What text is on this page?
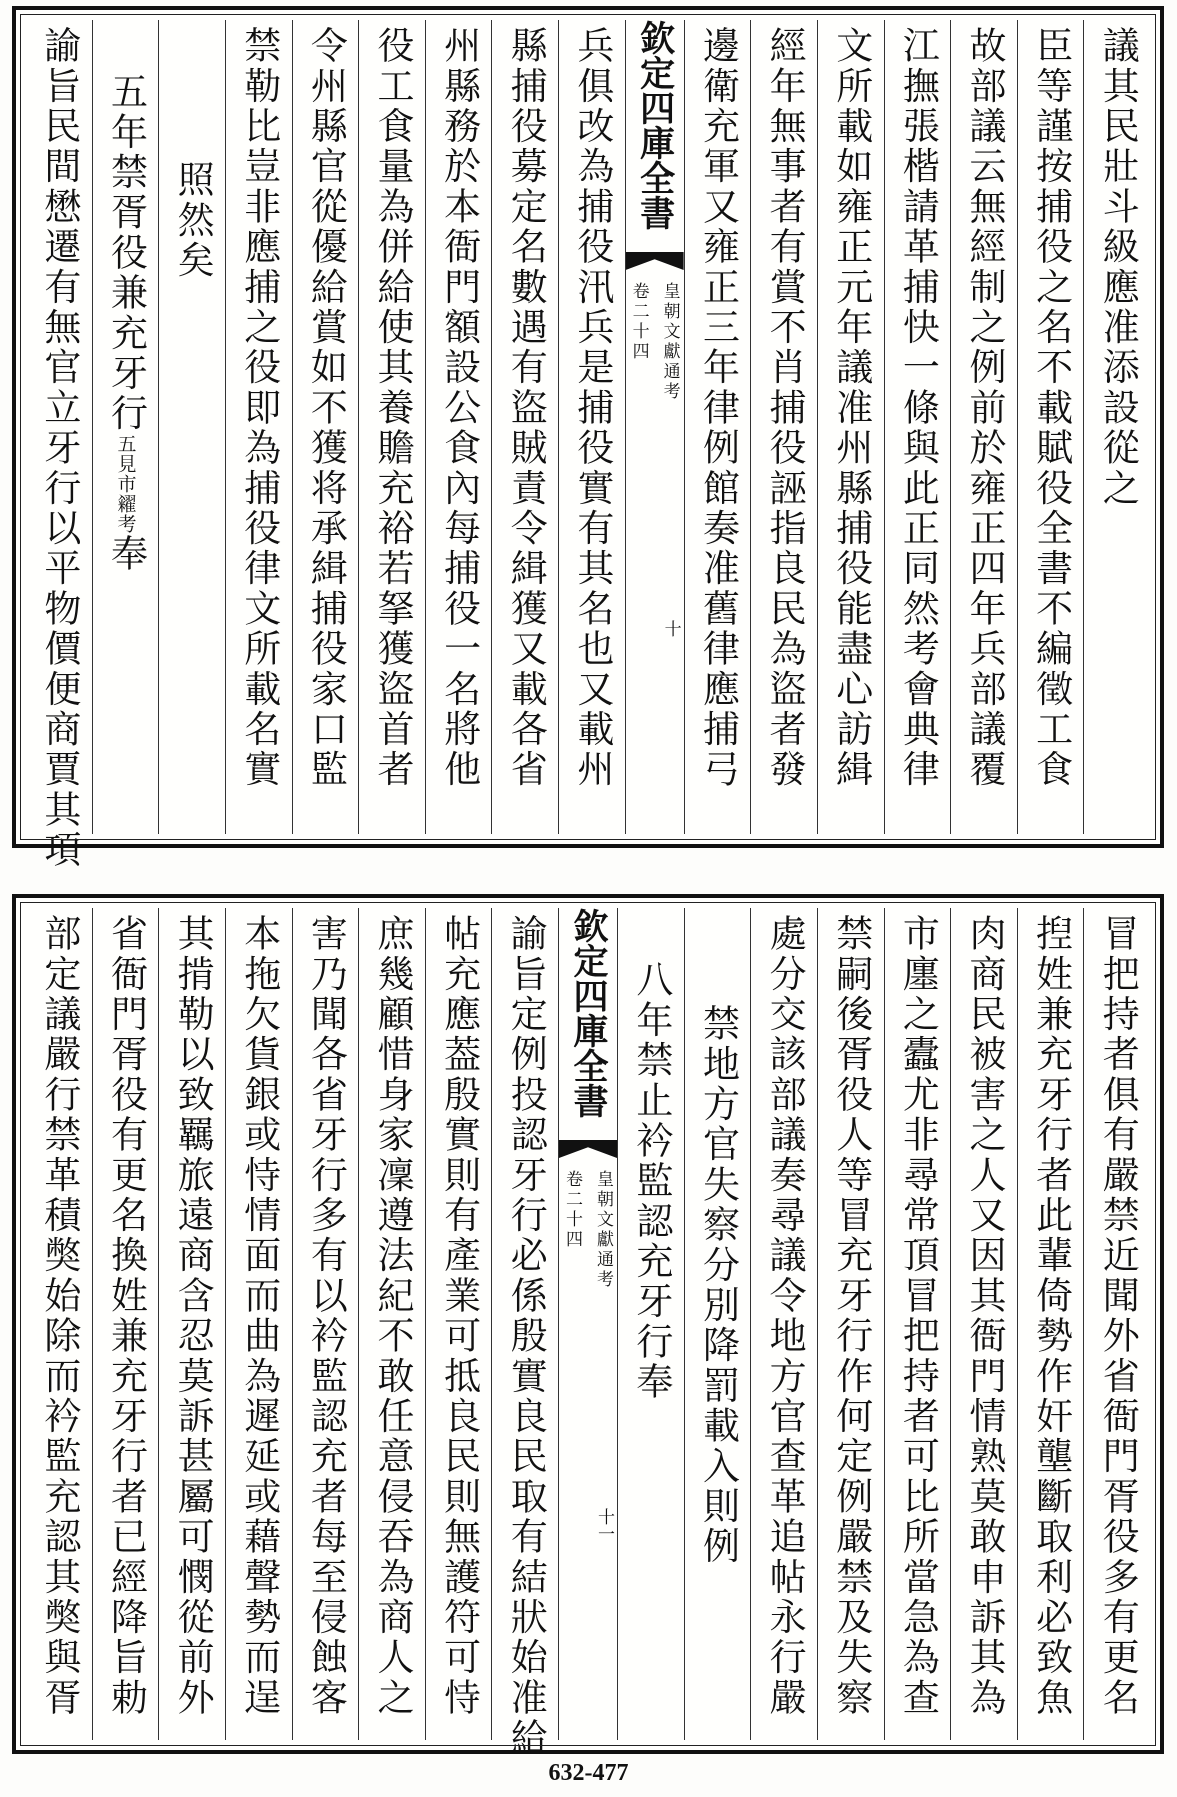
議其民壯斗級應准添設從之
臣等謹按捕役之名不載賦役全書不編徵工食
故部議云無經制之例前於雍正四年兵部議覆
江撫張楷請革捕快一條與此正同然考會典律
文所載如雍正元年議准州縣捕役能盡心訪緝
經年無事者有賞不肖捕役誣指良民為盜者發
邊衛充軍又雍正三年律例館奏准舊律應捕弓
欽定四庫全書
皇朝文獻通考
卷二十四
十
兵俱改為捕役汛兵是捕役實有其名也又載州
縣捕役募定名數遇有盜賊責令緝獲又載各省
州縣務於本衙門額設公食內每捕役一名將他
役工食量為併給使其養贍充裕若拏獲盜首者
令州縣官從優給賞如不獲将承緝捕役家口監
禁勒比豈非應捕之役即為捕役律文所載名實
照然矣
五年禁胥役兼充牙行五見市糴考奉
諭旨民間懋遷有無官立牙行以平物價便商賈其項
冒把持者俱有嚴禁近聞外省衙門胥役多有更名
揑姓兼充牙行者此輩倚勢作奸壟斷取利必致魚
肉商民被害之人又因其衙門情熟莫敢申訴其為
市廛之蠹尤非尋常頂冒把持者可比所當急為查
禁嗣後胥役人等冒充牙行作何定例嚴禁及失察
處分交該部議奏尋議令地方官查革追帖永行嚴
禁地方官失察分別降罰載入則例
八年禁止衿監認充牙行奉
欽定四庫全書
皇朝文獻通考
卷二十四
十一
諭旨定例投認牙行必係殷實良民取有結狀始准給
帖充應葢殷實則有產業可抵良民則無護符可恃
庶幾顧惜身家凜遵法紀不敢任意侵吞為商人之
害乃聞各省牙行多有以衿監認充者每至侵蝕客
本拖欠貨銀或恃情面而曲為遲延或藉聲勢而逞
其掯勒以致羈旅遠商含忍莫訴甚屬可憫從前外
省衙門胥役有更名換姓兼充牙行者已經降旨勅
部定議嚴行禁革積獘始除而衿監充認其獘與胥
632-477
